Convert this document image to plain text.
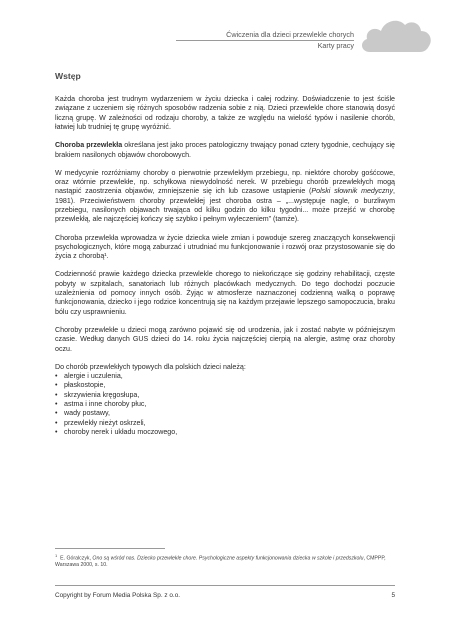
Ćwiczenia dla dzieci przewlekle chorych
Karty pracy
Wstęp

Każda choroba jest trudnym wydarzeniem w życiu dziecka i całej rodziny. Doświadczenie to jest ściśle związane z uczeniem się różnych sposobów radzenia sobie z nią. Dzieci przewlekle chore stanowią dosyć liczną grupę. W zależności od rodzaju choroby, a także ze względu na wielość typów i nasilenie chorób, łatwiej lub trudniej tę grupę wyróżnić.

Choroba przewlekła określana jest jako proces patologiczny trwający ponad cztery tygodnie, cechujący się brakiem nasilonych objawów chorobowych.

W medycynie rozróżniamy choroby o pierwotnie przewlekłym przebiegu, np. niektóre choroby gośćcowe, oraz wtórnie przewlekłe, np. schyłkowa niewydolność nerek. W przebiegu chorób przewlekłych mogą nastąpić zaostrzenia objawów, zmniejszenie się ich lub czasowe ustąpienie (Polski słownik medyczny, 1981). Przeciwieństwem choroby przewlekłej jest choroba ostra – „...występuje nagle, o burzliwym przebiegu, nasilonych objawach trwająca od kilku godzin do kilku tygodni... może przejść w chorobę przewlekłą, ale najczęściej kończy się szybko i pełnym wyleczeniem” (tamże).

Choroba przewlekła wprowadza w życie dziecka wiele zmian i powoduje szereg znaczących konsekwencji psychologicznych, które mogą zaburzać i utrudniać mu funkcjonowanie i rozwój oraz przystosowanie się do życia z chorobą¹.

Codzienność prawie każdego dziecka przewlekle chorego to niekończące się godziny rehabilitacji, częste pobyty w szpitalach, sanatoriach lub różnych placówkach medycznych. Do tego dochodzi poczucie uzależnienia od pomocy innych osób. Żyjąc w atmosferze naznaczonej codzienną walką o poprawę funkcjonowania, dziecko i jego rodzice koncentrują się na każdym przejawie lepszego samopoczucia, braku bólu czy usprawnieniu.

Choroby przewlekłe u dzieci mogą zarówno pojawić się od urodzenia, jak i zostać nabyte w późniejszym czasie. Według danych GUS dzieci do 14. roku życia najczęściej cierpią na alergie, astmę oraz choroby oczu.

Do chorób przewlekłych typowych dla polskich dzieci należą:

• alergie i uczulenia,
• płaskostopie,
• skrzywienia kręgosłupa,
• astma i inne choroby płuc,
• wady postawy,
• przewlekły nieżyt oskrzeli,
• choroby nerek i układu moczowego,
$^1$  E. Góralczyk, Ono są wśród nas. Dziecko przewlekle chore. Psychologiczne aspekty funkcjonowania dziecka w szkole i przedszkolu, CMPPP, Warszawa 2000, s. 10.
Copyright by Forum Media Polska Sp. z o.o.	5
